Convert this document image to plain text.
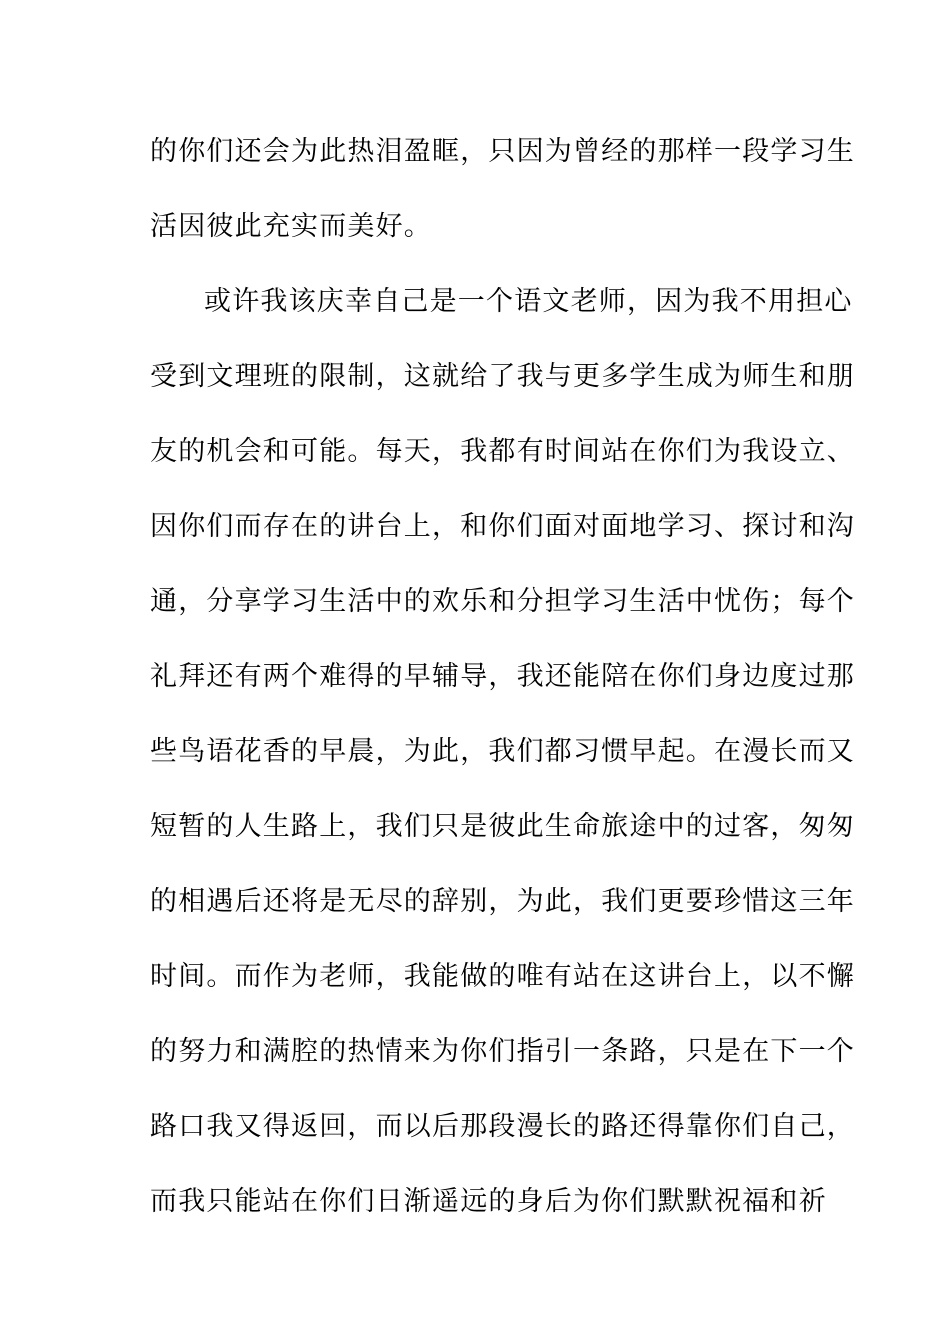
的你们还会为此热泪盈眶，只因为曾经的那样一段学习生
活因彼此充实而美好。
或许我该庆幸自己是一个语文老师，因为我不用担心
受到文理班的限制，这就给了我与更多学生成为师生和朋
友的机会和可能。每天，我都有时间站在你们为我设立、
因你们而存在的讲台上，和你们面对面地学习、探讨和沟
通，分享学习生活中的欢乐和分担学习生活中忧伤；每个
礼拜还有两个难得的早辅导，我还能陪在你们身边度过那
些鸟语花香的早晨，为此，我们都习惯早起。在漫长而又
短暂的人生路上，我们只是彼此生命旅途中的过客，匆匆
的相遇后还将是无尽的辞别，为此，我们更要珍惜这三年
时间。而作为老师，我能做的唯有站在这讲台上，以不懈
的努力和满腔的热情来为你们指引一条路，只是在下一个
路口我又得返回，而以后那段漫长的路还得靠你们自己，
而我只能站在你们日渐遥远的身后为你们默默祝福和祈
